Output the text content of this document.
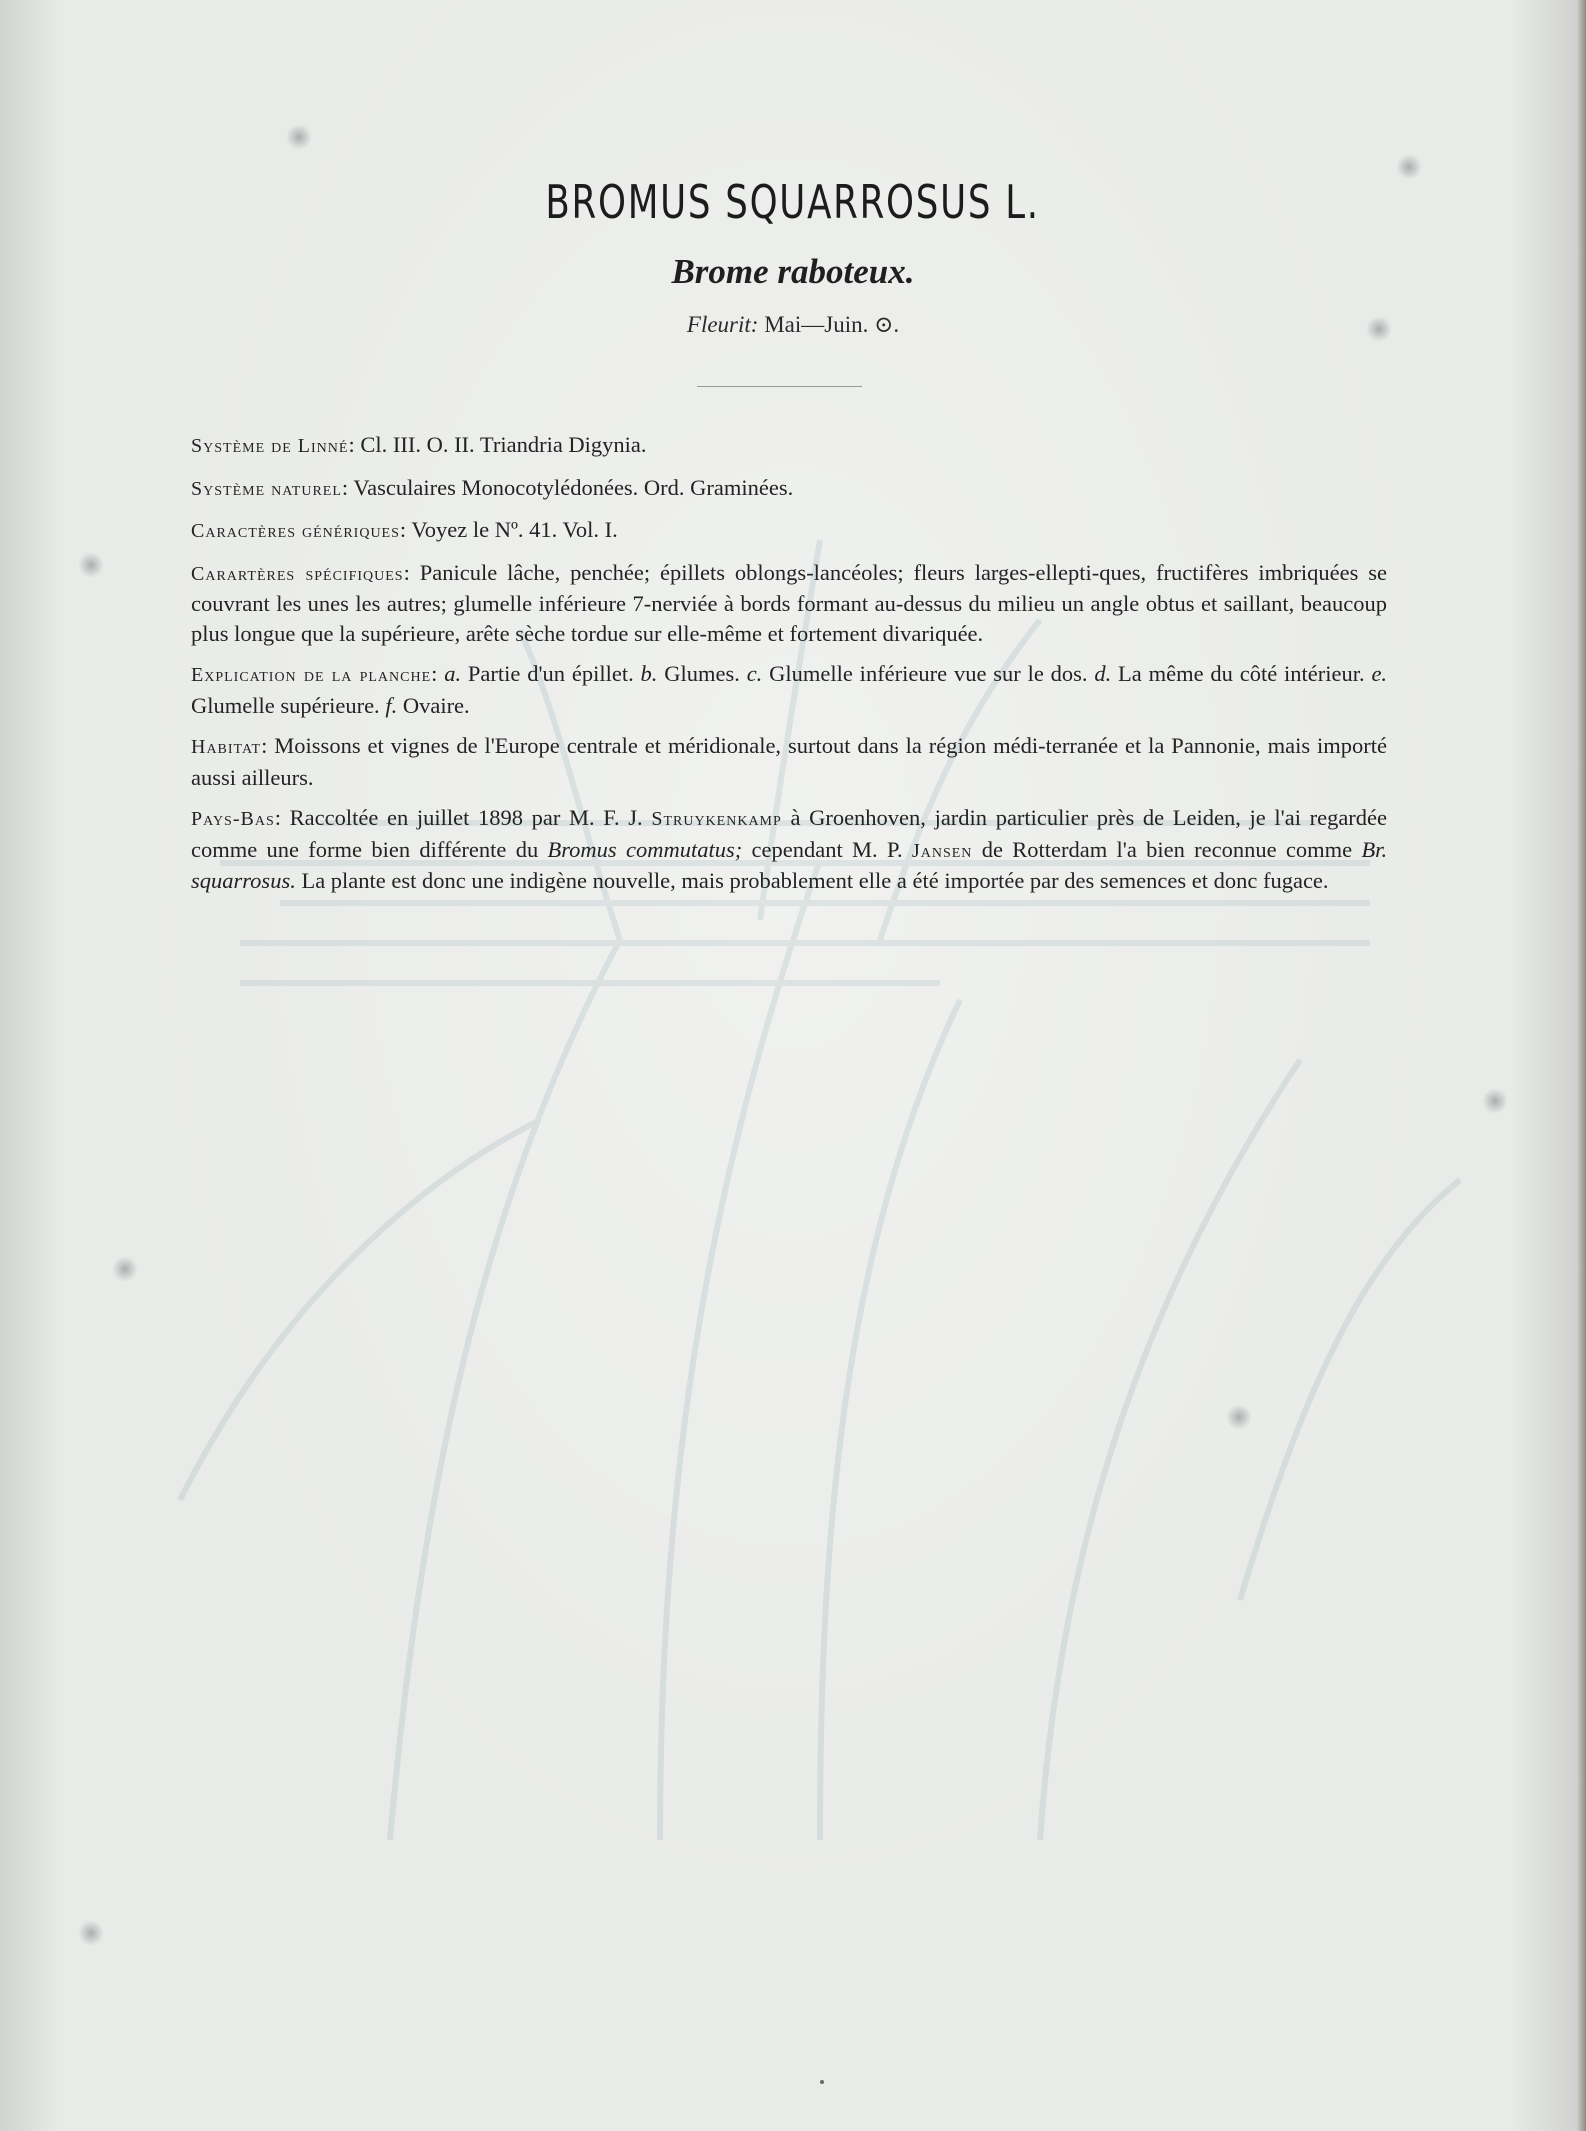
BROMUS SQUARROSUS L.
Brome raboteux.
Fleurit: Mai—Juin. ⊙.

Système de Linné: Cl. III. O. II. Triandria Digynia.

Système naturel: Vasculaires Monocotylédonées. Ord. Graminées.

Caractères génériques: Voyez le Nº. 41. Vol. I.

Carartères spécifiques: Panicule lâche, penchée; épillets oblongs-lancéoles; fleurs larges-ellepti-ques, fructifères imbriquées se couvrant les unes les autres; glumelle inférieure 7-nerviée à bords formant au-dessus du milieu un angle obtus et saillant, beaucoup plus longue que la supérieure, arête sèche tordue sur elle-même et fortement divariquée.

Explication de la planche: a. Partie d'un épillet. b. Glumes. c. Glumelle inférieure vue sur le dos. d. La même du côté intérieur. e. Glumelle supérieure. f. Ovaire.

Habitat: Moissons et vignes de l'Europe centrale et méridionale, surtout dans la région médi-terranée et la Pannonie, mais importé aussi ailleurs.

Pays-Bas: Raccoltée en juillet 1898 par M. F. J. Struykenkamp à Groenhoven, jardin particulier près de Leiden, je l'ai regardée comme une forme bien différente du Bromus commutatus; cependant M. P. Jansen de Rotterdam l'a bien reconnue comme Br. squarrosus. La plante est donc une indigène nouvelle, mais probablement elle a été importée par des semences et donc fugace.
